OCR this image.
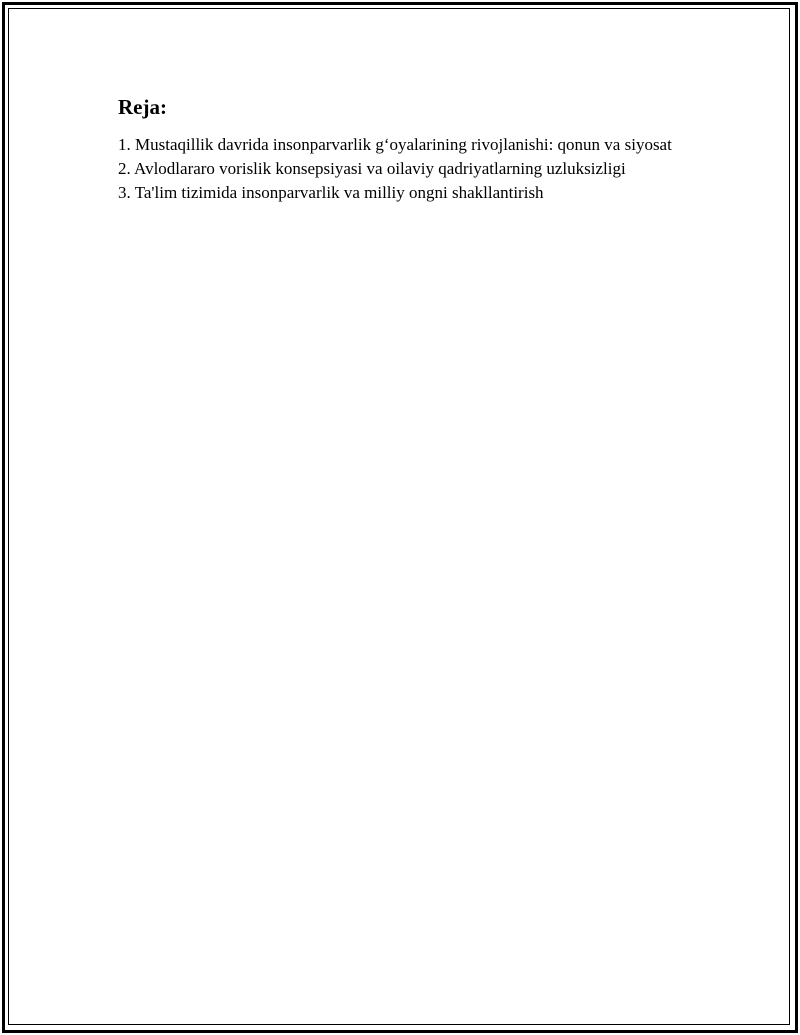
Reja:
1. Mustaqillik davrida insonparvarlik g‘oyalarining rivojlanishi: qonun va siyosat
2. Avlodlararo vorislik konsepsiyasi va oilaviy qadriyatlarning uzluksizligi
3. Ta'lim tizimida insonparvarlik va milliy ongni shakllantirish
